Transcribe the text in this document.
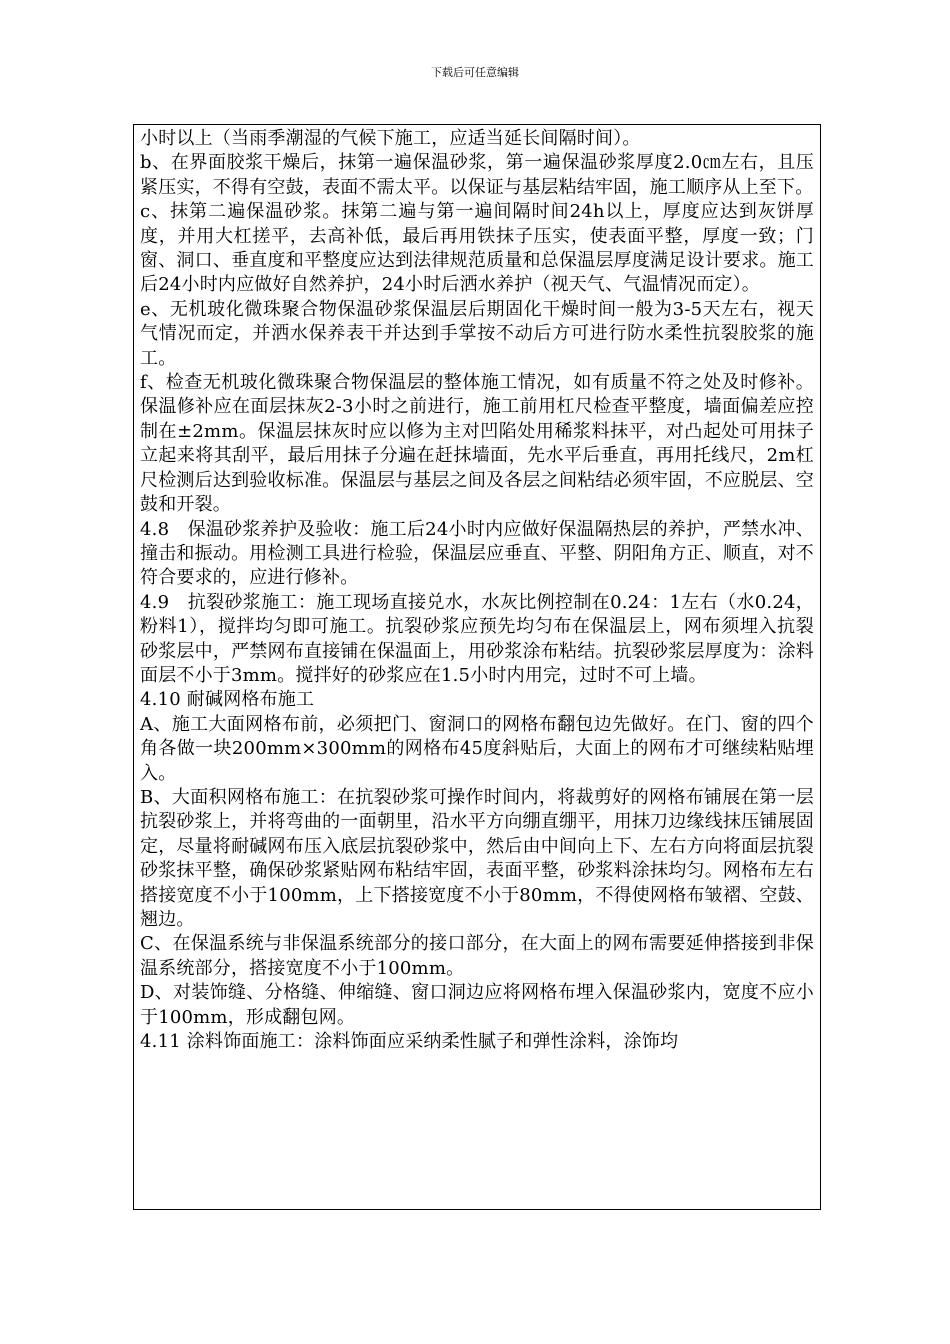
下载后可任意编辑

小时以上（当雨季潮湿的气候下施工，应适当延长间隔时间）。

b、在界面胶浆干燥后，抹第一遍保温砂浆，第一遍保温砂浆厚度2.0㎝左右，且压紧压实，不得有空鼓，表面不需太平。以保证与基层粘结牢固，施工顺序从上至下。

c、抹第二遍保温砂浆。抹第二遍与第一遍间隔时间24h以上，厚度应达到灰饼厚度，并用大杠搓平，去高补低，最后再用铁抹子压实，使表面平整，厚度一致；门窗、洞口、垂直度和平整度应达到法律规范质量和总保温层厚度满足设计要求。施工后24小时内应做好自然养护，24小时后洒水养护（视天气、气温情况而定）。

e、无机玻化微珠聚合物保温砂浆保温层后期固化干燥时间一般为3-5天左右，视天气情况而定，并洒水保养表干并达到手掌按不动后方可进行防水柔性抗裂胶浆的施工。

f、检查无机玻化微珠聚合物保温层的整体施工情况，如有质量不符之处及时修补。保温修补应在面层抹灰2-3小时之前进行，施工前用杠尺检查平整度，墙面偏差应控制在±2mm。保温层抹灰时应以修为主对凹陷处用稀浆料抹平，对凸起处可用抹子立起来将其刮平，最后用抹子分遍在赶抹墙面，先水平后垂直，再用托线尺，2m杠尺检测后达到验收标准。保温层与基层之间及各层之间粘结必须牢固，不应脱层、空鼓和开裂。

4.8　保温砂浆养护及验收：施工后24小时内应做好保温隔热层的养护，严禁水冲、撞击和振动。用检测工具进行检验，保温层应垂直、平整、阴阳角方正、顺直，对不符合要求的，应进行修补。

4.9　抗裂砂浆施工：施工现场直接兑水，水灰比例控制在0.24：1左右（水0.24，粉料1），搅拌均匀即可施工。抗裂砂浆应预先均匀布在保温层上，网布须埋入抗裂砂浆层中，严禁网布直接铺在保温面上，用砂浆涂布粘结。抗裂砂浆层厚度为：涂料面层不小于3mm。搅拌好的砂浆应在1.5小时内用完，过时不可上墙。

4.10 耐碱网格布施工

A、施工大面网格布前，必须把门、窗洞口的网格布翻包边先做好。在门、窗的四个角各做一块200mm×300mm的网格布45度斜贴后，大面上的网布才可继续粘贴埋入。

B、大面积网格布施工：在抗裂砂浆可操作时间内，将裁剪好的网格布铺展在第一层抗裂砂浆上，并将弯曲的一面朝里，沿水平方向绷直绷平，用抹刀边缘线抹压铺展固定，尽量将耐碱网布压入底层抗裂砂浆中，然后由中间向上下、左右方向将面层抗裂砂浆抹平整，确保砂浆紧贴网布粘结牢固，表面平整，砂浆料涂抹均匀。网格布左右搭接宽度不小于100mm，上下搭接宽度不小于80mm，不得使网格布皱褶、空鼓、翘边。

C、在保温系统与非保温系统部分的接口部分，在大面上的网布需要延伸搭接到非保温系统部分，搭接宽度不小于100mm。

D、对装饰缝、分格缝、伸缩缝、窗口洞边应将网格布埋入保温砂浆内，宽度不应小于100mm，形成翻包网。

4.11 涂料饰面施工：涂料饰面应采纳柔性腻子和弹性涂料，涂饰均
